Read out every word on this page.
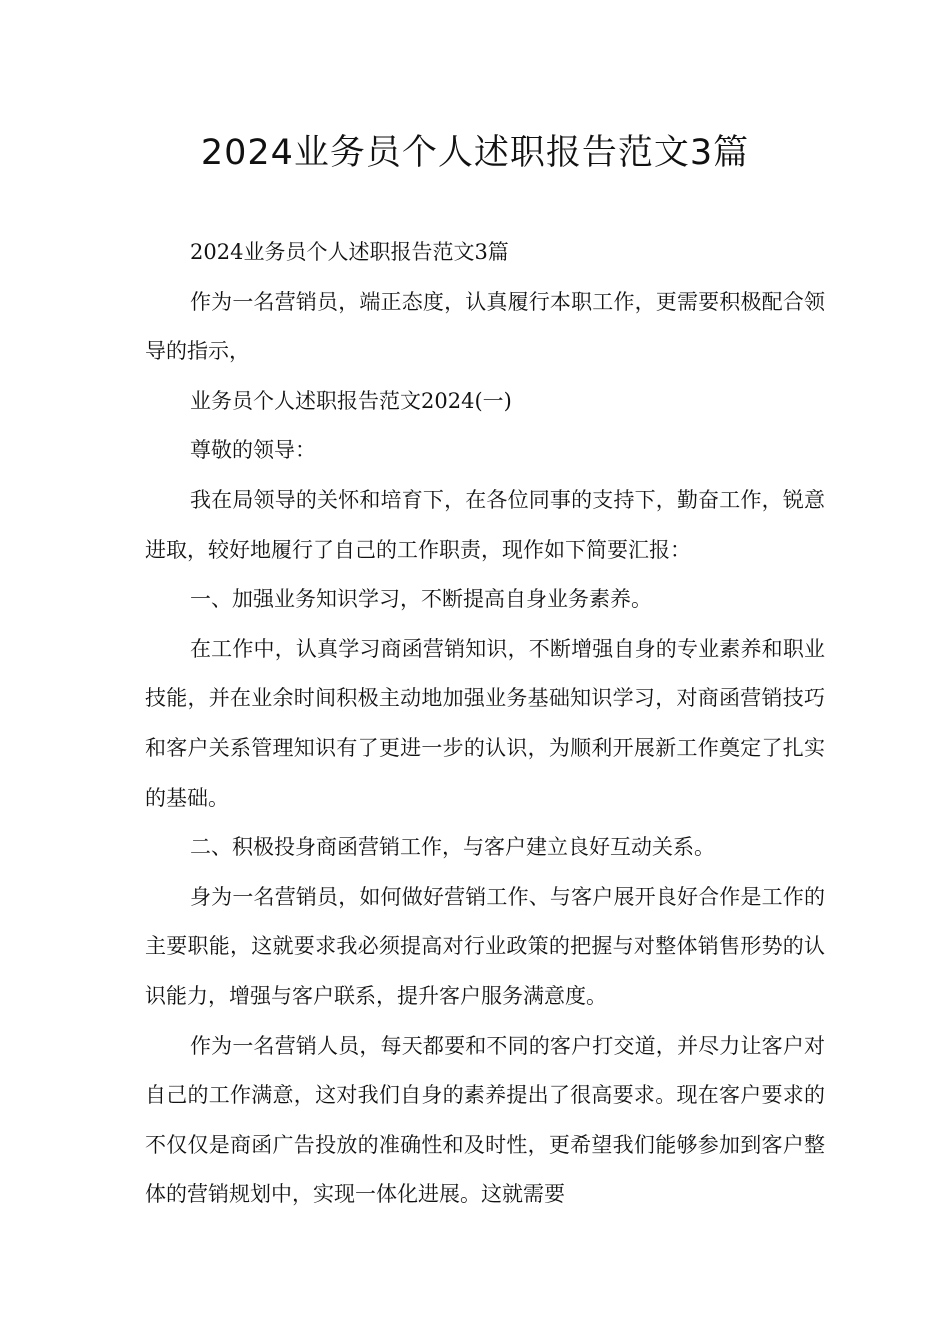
2024业务员个人述职报告范文3篇

2024业务员个人述职报告范文3篇

作为一名营销员，端正态度，认真履行本职工作，更需要积极配合领导的指示，

业务员个人述职报告范文2024(一)

尊敬的领导：

我在局领导的关怀和培育下，在各位同事的支持下，勤奋工作，锐意进取，较好地履行了自己的工作职责，现作如下简要汇报：

一、加强业务知识学习，不断提高自身业务素养。

在工作中，认真学习商函营销知识，不断增强自身的专业素养和职业技能，并在业余时间积极主动地加强业务基础知识学习，对商函营销技巧和客户关系管理知识有了更进一步的认识，为顺利开展新工作奠定了扎实的基础。

二、积极投身商函营销工作，与客户建立良好互动关系。

身为一名营销员，如何做好营销工作、与客户展开良好合作是工作的主要职能，这就要求我必须提高对行业政策的把握与对整体销售形势的认识能力，增强与客户联系，提升客户服务满意度。

作为一名营销人员，每天都要和不同的客户打交道，并尽力让客户对自己的工作满意，这对我们自身的素养提出了很高要求。现在客户要求的不仅仅是商函广告投放的准确性和及时性，更希望我们能够参加到客户整体的营销规划中，实现一体化进展。这就需要
